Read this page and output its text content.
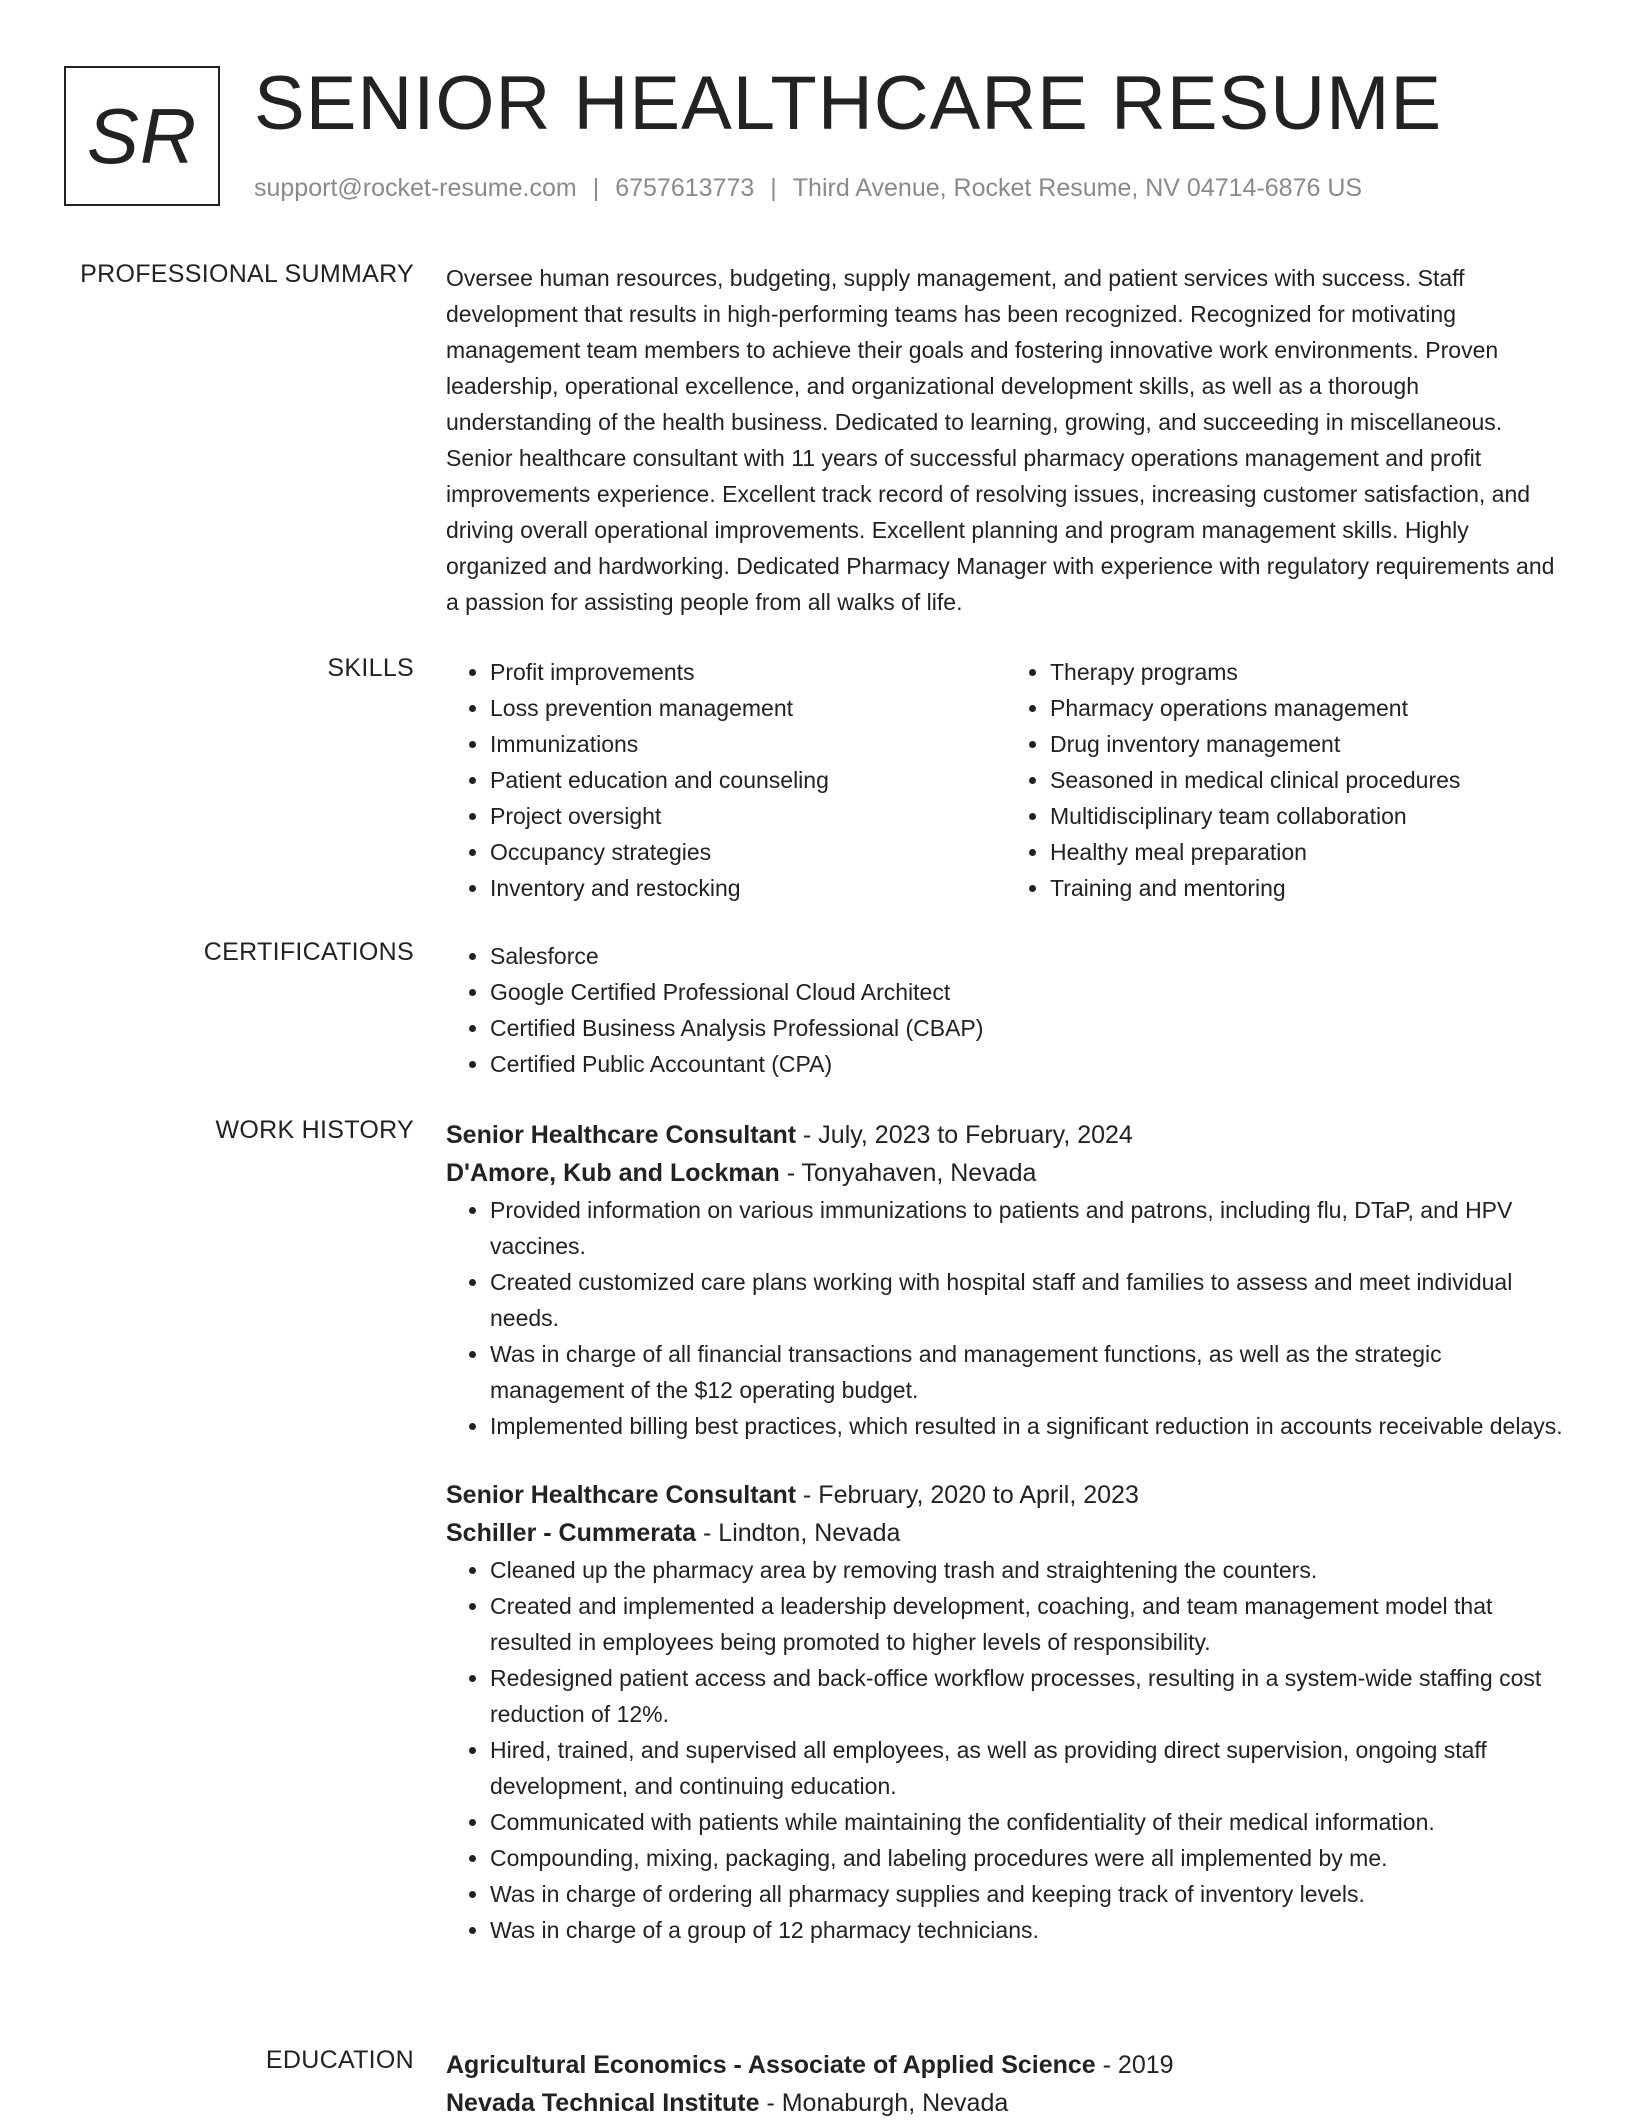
SR SENIOR HEALTHCARE RESUME
support@rocket-resume.com | 6757613773 | Third Avenue, Rocket Resume, NV 04714-6876 US
PROFESSIONAL SUMMARY Oversee human resources, budgeting, supply management, and patient services with success. Staff development that results in high-performing teams has been recognized. Recognized for motivating management team members to achieve their goals and fostering innovative work environments. Proven leadership, operational excellence, and organizational development skills, as well as a thorough understanding of the health business. Dedicated to learning, growing, and succeeding in miscellaneous. Senior healthcare consultant with 11 years of successful pharmacy operations management and profit improvements experience. Excellent track record of resolving issues, increasing customer satisfaction, and driving overall operational improvements. Excellent planning and program management skills. Highly organized and hardworking. Dedicated Pharmacy Manager with experience with regulatory requirements and a passion for assisting people from all walks of life.

SKILLS	• Profit improvements
• Loss prevention management
• Immunizations
• Patient education and counseling
• Project oversight
• Occupancy strategies
• Inventory and restocking
• Therapy programs
• Pharmacy operations management
• Drug inventory management
• Seasoned in medical clinical procedures
• Multidisciplinary team collaboration
• Healthy meal preparation
• Training and mentoring
CERTIFICATIONS	• Salesforce
• Google Certified Professional Cloud Architect
• Certified Business Analysis Professional (CBAP)
• Certified Public Accountant (CPA)
WORK HISTORY Senior Healthcare Consultant - July, 2023 to February, 2024
D'Amore, Kub and Lockman - Tonyahaven, Nevada
• Provided information on various immunizations to patients and patrons, including flu, DTaP, and HPV vaccines.
• Created customized care plans working with hospital staff and families to assess and meet individual needs.
• Was in charge of all financial transactions and management functions, as well as the strategic management of the $12 operating budget.
• Implemented billing best practices, which resulted in a significant reduction in accounts receivable delays.
Senior Healthcare Consultant - February, 2020 to April, 2023
Schiller - Cummerata - Lindton, Nevada
• Cleaned up the pharmacy area by removing trash and straightening the counters.
• Created and implemented a leadership development, coaching, and team management model that resulted in employees being promoted to higher levels of responsibility.
• Redesigned patient access and back-office workflow processes, resulting in a system-wide staffing cost reduction of 12%.
• Hired, trained, and supervised all employees, as well as providing direct supervision, ongoing staff development, and continuing education.
• Communicated with patients while maintaining the confidentiality of their medical information.
• Compounding, mixing, packaging, and labeling procedures were all implemented by me.
• Was in charge of ordering all pharmacy supplies and keeping track of inventory levels.
• Was in charge of a group of 12 pharmacy technicians.
EDUCATION Agricultural Economics - Associate of Applied Science - 2019
Nevada Technical Institute - Monaburgh, Nevada
